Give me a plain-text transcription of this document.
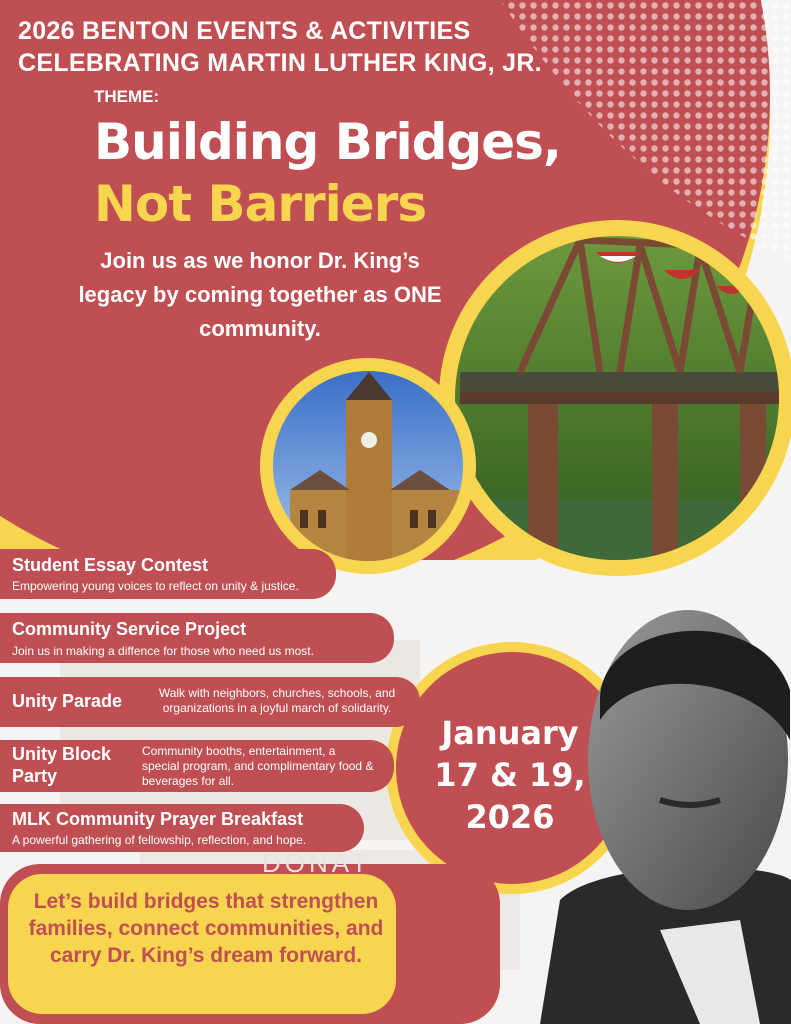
2026 BENTON EVENTS & ACTIVITIES
CELEBRATING MARTIN LUTHER KING, JR.
THEME:
Building Bridges,
Not Barriers
Join us as we honor Dr. King’s legacy by coming together as ONE community.
Student Essay Contest
Empowering young voices to reflect on unity & justice.
Community Service Project
Join us in making a diffence for those who need us most.
Unity Parade	Walk with neighbors, churches, schools, and organizations in a joyful march of solidarity.
Unity Block Party
Community booths, entertainment, a special program, and complimentary food & beverages for all.
MLK Community Prayer Breakfast
A powerful gathering of fellowship, reflection, and hope.
DONAT
January
17 & 19,
2026
Let’s build bridges that strengthen families, connect communities, and carry Dr. King’s dream forward.
